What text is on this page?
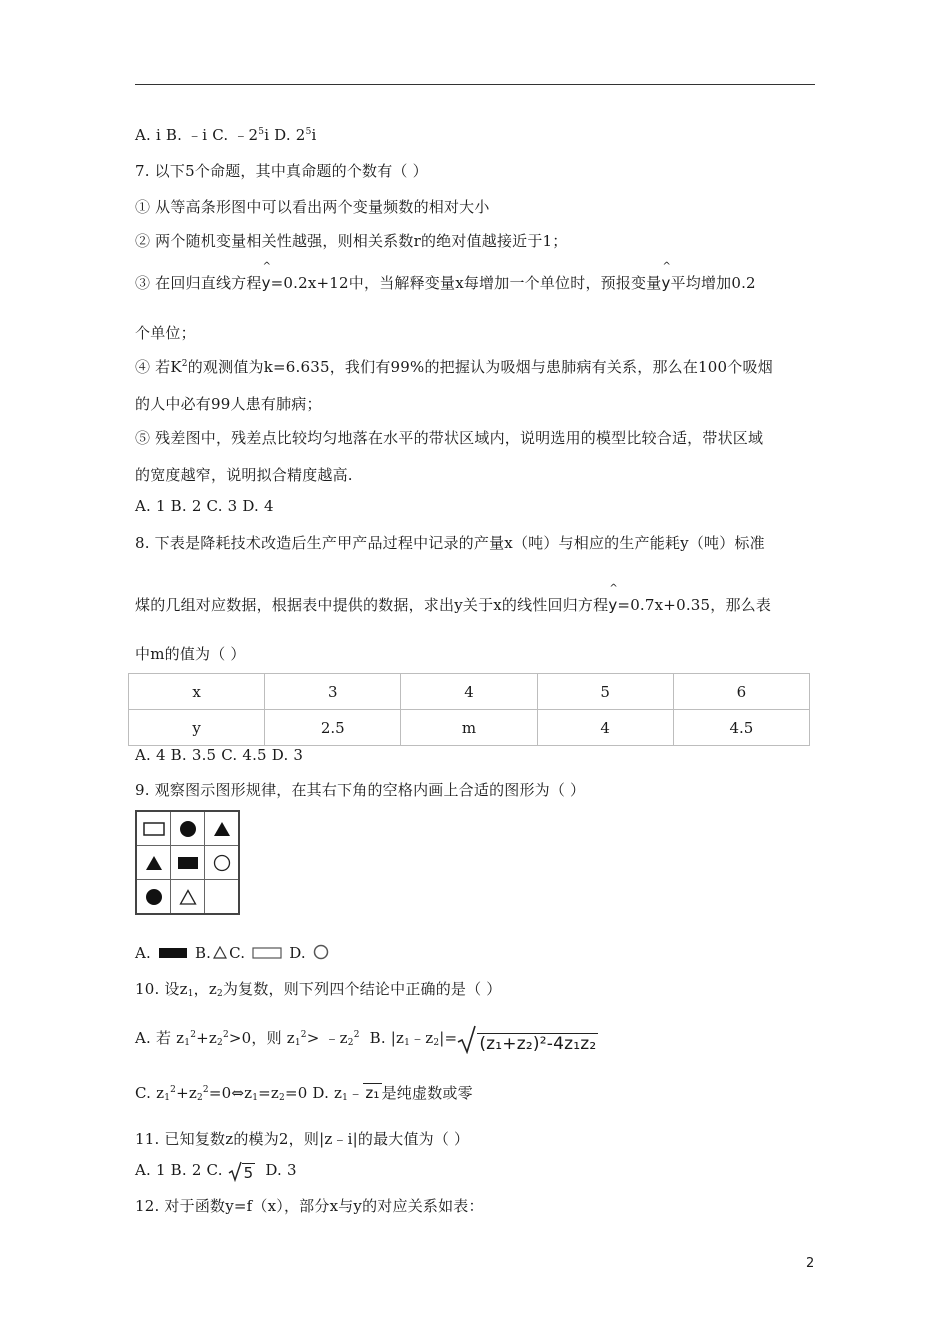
A. i B. ﹣i C. $﹣2^5i$ D. $2^5i$
7. 以下5个命题，其中真命题的个数有（ ）
① 从等高条形图中可以看出两个变量频数的相对大小
② 两个随机变量相关性越强，则相关系数r的绝对值越接近于1；
③ 在回归直线方程^ y=0.2x+12中，当解释变量x每增加一个单位时，预报变量^ y平均增加0.2
个单位；
④ 若$K^2$的观测值为k=6.635，我们有99%的把握认为吸烟与患肺病有关系，那么在100个吸烟
的人中必有99人患有肺病；
⑤ 残差图中，残差点比较均匀地落在水平的带状区域内，说明选用的模型比较合适，带状区域
的宽度越窄，说明拟合精度越高.
A. 1 B. 2 C. 3 D. 4
8. 下表是降耗技术改造后生产甲产品过程中记录的产量x（吨）与相应的生产能耗y（吨）标准
煤的几组对应数据，根据表中提供的数据，求出y关于x的线性回归方程^ y=0.7x+0.35，那么表
中m的值为（ ）
x	3	4	5	6
y	2.5	m	4	4.5
A. 4 B. 3.5 C. 4.5 D. 3
9. 观察图示图形规律，在其右下角的空格内画上合适的图形为（ ）
A.	B. C.	D.
10. 设$z_1$，$z_2$为复数，则下列四个结论中正确的是（ ）
A. 若 $z_1^2+z_2^2>0$，则 $z_1^2>$ $﹣z_2^2$ B. $|z_1﹣z_2|= (z_1+z_2)^2-4z_1z_2$
C. $z_1^2+z_2^2=0\Leftrightarrow z_1=z_2=0$ D. $z_1﹣$ z₁ 是纯虚数或零
11. 已知复数z的模为2，则|z﹣i|的最大值为（ ）
A. 1 B. 2 C. 5 D. 3
12. 对于函数y=f（x），部分x与y的对应关系如表：
2
